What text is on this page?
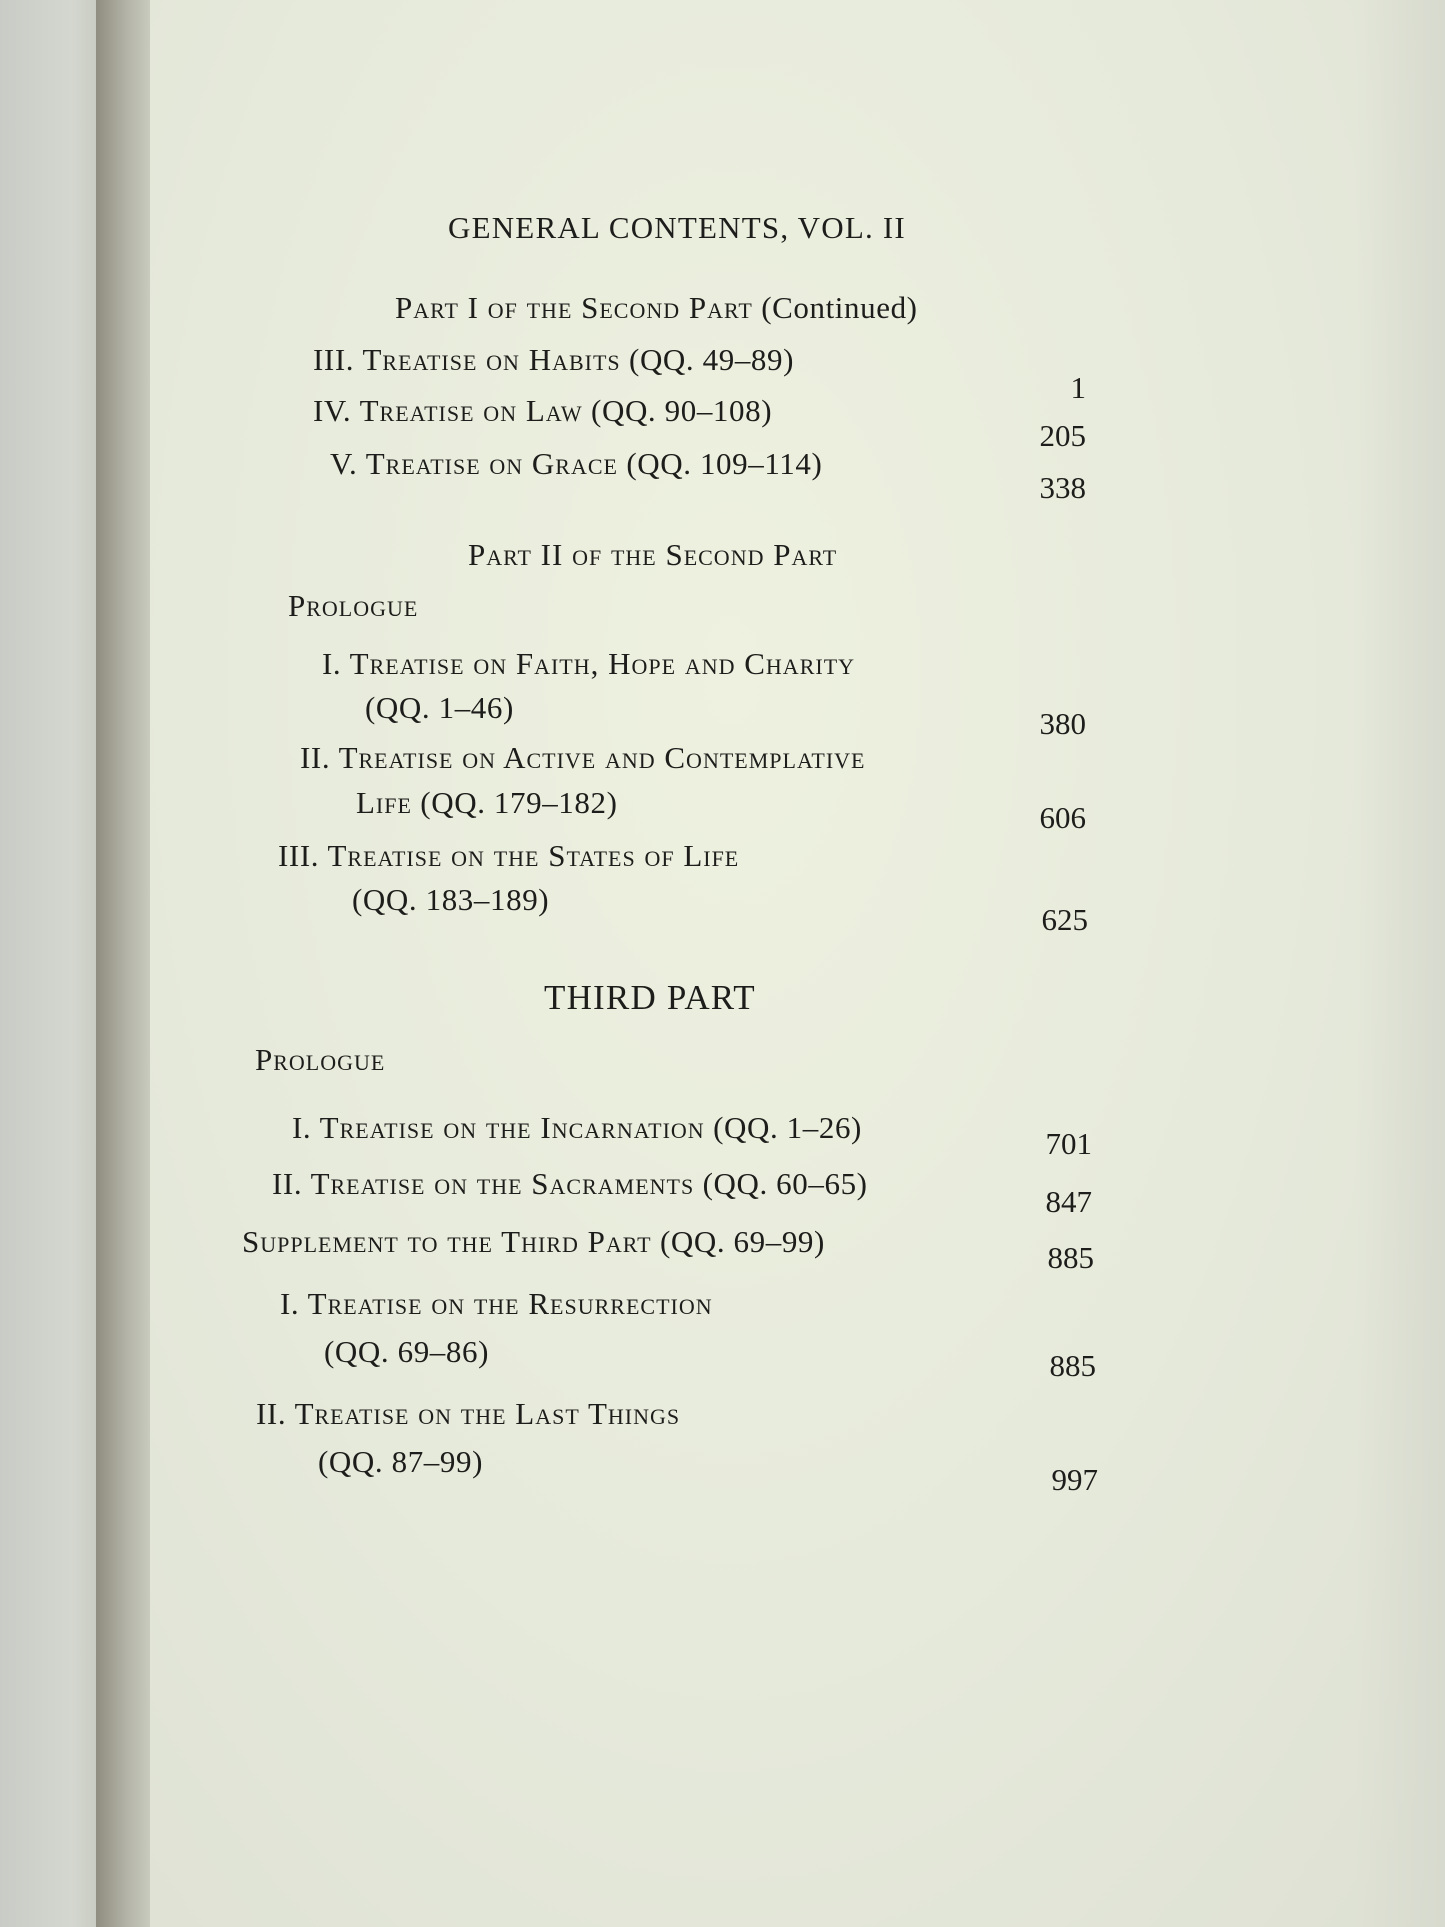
GENERAL CONTENTS, VOL. II
Part I of the Second Part (Continued)
III. Treatise on Habits (QQ. 49–89)
1
IV. Treatise on Law (QQ. 90–108)
205
V. Treatise on Grace (QQ. 109–114)
338
Part II of the Second Part
Prologue
I. Treatise on Faith, Hope and Charity
(QQ. 1–46)	380
II. Treatise on Active and Contemplative
Life (QQ. 179–182)	606
III. Treatise on the States of Life
(QQ. 183–189)
625
THIRD PART
Prologue
I. Treatise on the Incarnation (QQ. 1–26)	701
II. Treatise on the Sacraments (QQ. 60–65)
847
Supplement to the Third Part (QQ. 69–99)	885
I. Treatise on the Resurrection
(QQ. 69–86)	885
II. Treatise on the Last Things
(QQ. 87–99)
997
